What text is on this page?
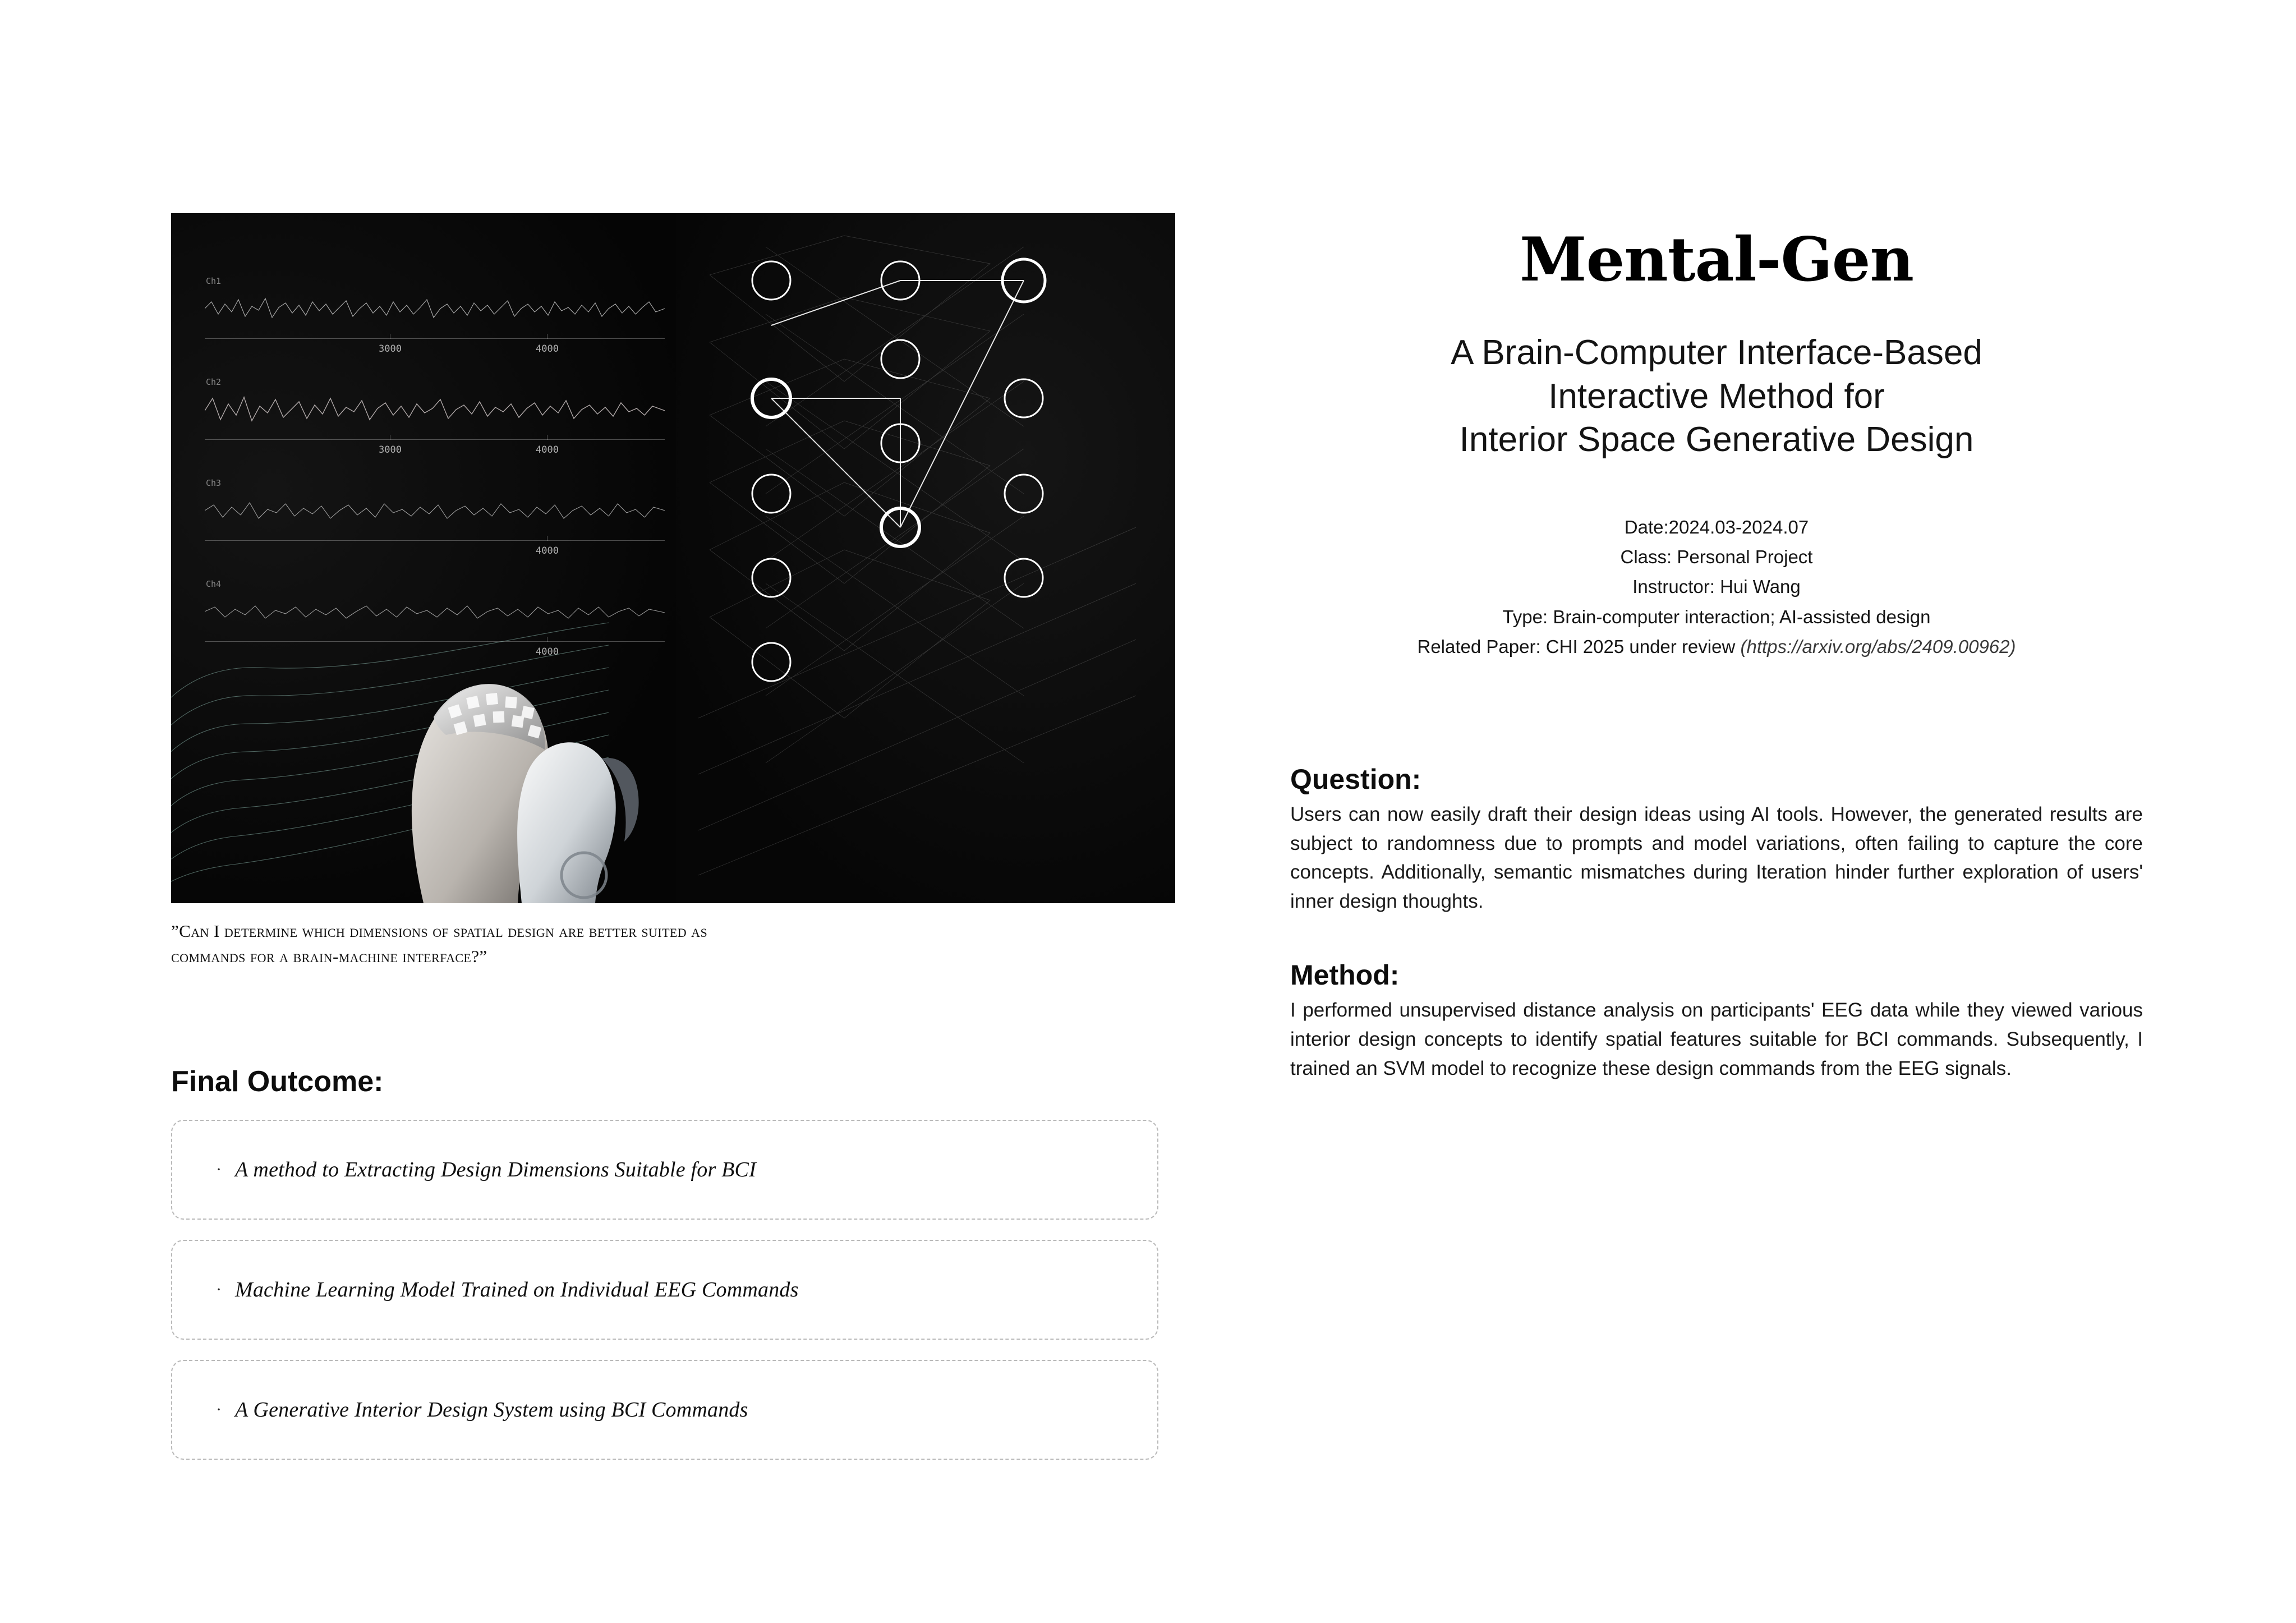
Ch1
3000	4000
Ch2
3000	4000
Ch3
4000
Ch4
4000
”Can I determine which dimensions of spatial design are better suited as
commands for a brain-machine interface?”
Final Outcome:
· A method to Extracting Design Dimensions Suitable for BCI
· Machine Learning Model Trained on Individual EEG Commands
· A Generative Interior Design System using BCI Commands
Mental-Gen
A Brain-Computer Interface-Based
Interactive Method for
Interior Space Generative Design
Date:2024.03-2024.07
Class: Personal Project
Instructor: Hui Wang
Type: Brain-computer interaction; AI-assisted design
Related Paper: CHI 2025 under review (https://arxiv.org/abs/2409.00962)
Question:

Users can now easily draft their design ideas using AI tools. However, the generated results are subject to randomness due to prompts and model variations, often failing to capture the core concepts. Additionally, semantic mismatches during Iteration hinder further exploration of users' inner design thoughts.

Method:

I performed unsupervised distance analysis on participants' EEG data while they viewed various interior design concepts to identify spatial features suitable for BCI commands. Subsequently, I trained an SVM model to recognize these design commands from the EEG signals.
